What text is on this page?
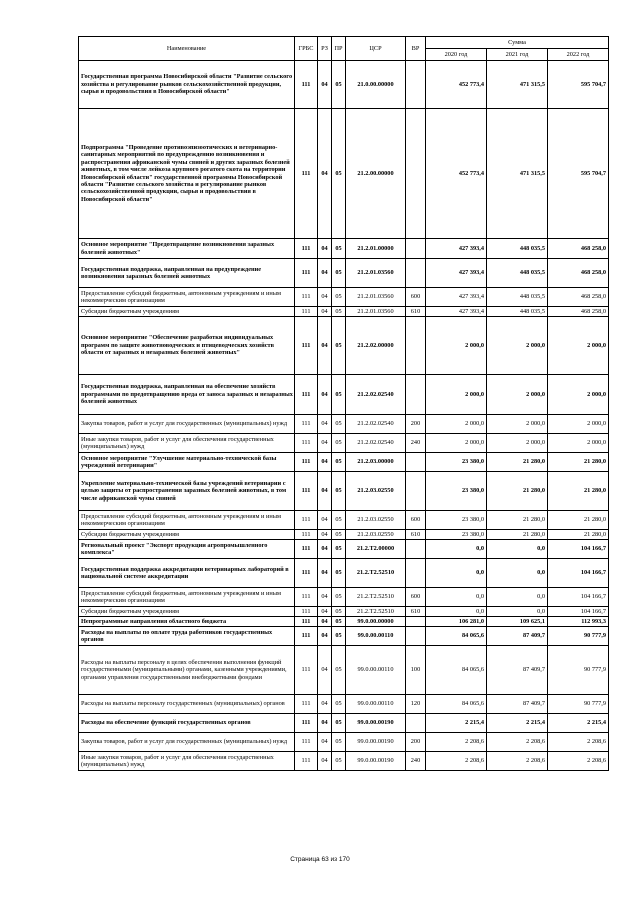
Наименование	ГРБС	РЗ	ПР	ЦСР	ВР	Сумма		
						2020 год	2021 год	2022 год
Государственная программа Новосибирской области "Развитие сельского хозяйства и регулирование рынков сельскохозяйственной продукции, сырья и продовольствия в Новосибирской области"	111	04	05	21.0.00.00000		452 773,4	471 315,5	595 704,7
Подпрограмма "Проведение противоэпизоотических и ветеринарно-санитарных мероприятий по предупреждению возникновения и распространения африканской чумы свиней и других заразных болезней животных, в том числе лейкоза крупного рогатого скота на территории Новосибирской области" государственной программы Новосибирской области "Развитие сельского хозяйства и регулирование рынков сельскохозяйственной продукции, сырья и продовольствия в Новосибирской области"	111	04	05	21.2.00.00000		452 773,4	471 315,5	595 704,7
Основное мероприятие "Предотвращение возникновения заразных болезней животных"	111	04	05	21.2.01.00000		427 393,4	448 035,5	468 258,0
Государственная поддержка, направленная на предупреждение возникновения заразных болезней животных	111	04	05	21.2.01.03560		427 393,4	448 035,5	468 258,0
Предоставление субсидий бюджетным, автономным учреждениям и иным некоммерческим организациям	111	04	05	21.2.01.03560	600	427 393,4	448 035,5	468 258,0
Субсидии бюджетным учреждениям	111	04	05	21.2.01.03560	610	427 393,4	448 035,5	468 258,0
Основное мероприятие "Обеспечение разработки индивидуальных программ по защите животноводческих и птицеводческих хозяйств области от заразных и незаразных болезней животных"	111	04	05	21.2.02.00000		2 000,0	2 000,0	2 000,0
Государственная поддержка, направленная на обеспечение хозяйств программами по предотвращению вреда от заноса заразных и незаразных болезней животных	111	04	05	21.2.02.02540		2 000,0	2 000,0	2 000,0
Закупка товаров, работ и услуг для государственных (муниципальных) нужд	111	04	05	21.2.02.02540	200	2 000,0	2 000,0	2 000,0
Иные закупки товаров, работ и услуг для обеспечения государственных (муниципальных) нужд	111	04	05	21.2.02.02540	240	2 000,0	2 000,0	2 000,0
Основное мероприятие "Улучшение материально-технической базы учреждений ветеринарии"	111	04	05	21.2.03.00000		23 380,0	21 280,0	21 280,0
Укрепление материально-технической базы учреждений ветеринарии с целью защиты от распространения заразных болезней животных, в том числе африканской чумы свиней	111	04	05	21.2.03.02550		23 380,0	21 280,0	21 280,0
Предоставление субсидий бюджетным, автономным учреждениям и иным некоммерческим организациям	111	04	05	21.2.03.02550	600	23 380,0	21 280,0	21 280,0
Субсидии бюджетным учреждениям	111	04	05	21.2.03.02550	610	23 380,0	21 280,0	21 280,0
Региональный проект "Экспорт продукции агропромышленного комплекса"	111	04	05	21.2.Т2.00000		0,0	0,0	104 166,7
Государственная поддержка аккредитации ветеринарных лабораторий в национальной системе аккредитации	111	04	05	21.2.Т2.52510		0,0	0,0	104 166,7
Предоставление субсидий бюджетным, автономным учреждениям и иным некоммерческим организациям	111	04	05	21.2.Т2.52510	600	0,0	0,0	104 166,7
Субсидии бюджетным учреждениям	111	04	05	21.2.Т2.52510	610	0,0	0,0	104 166,7
Непрограммные направления областного бюджета	111	04	05	99.0.00.00000		106 281,0	109 625,1	112 993,3
Расходы на выплаты по оплате труда работников государственных органов	111	04	05	99.0.00.00110		84 065,6	87 409,7	90 777,9
Расходы на выплаты персоналу в целях обеспечения выполнения функций государственными (муниципальными) органами, казенными учреждениями, органами управления государственными внебюджетными фондами	111	04	05	99.0.00.00110	100	84 065,6	87 409,7	90 777,9
Расходы на выплаты персоналу государственных (муниципальных) органов	111	04	05	99.0.00.00110	120	84 065,6	87 409,7	90 777,9
Расходы на обеспечение функций государственных органов	111	04	05	99.0.00.00190		2 215,4	2 215,4	2 215,4
Закупка товаров, работ и услуг для государственных (муниципальных) нужд	111	04	05	99.0.00.00190	200	2 208,6	2 208,6	2 208,6
Иные закупки товаров, работ и услуг для обеспечения государственных (муниципальных) нужд	111	04	05	99.0.00.00190	240	2 208,6	2 208,6	2 208,6
Страница 63 из 170
